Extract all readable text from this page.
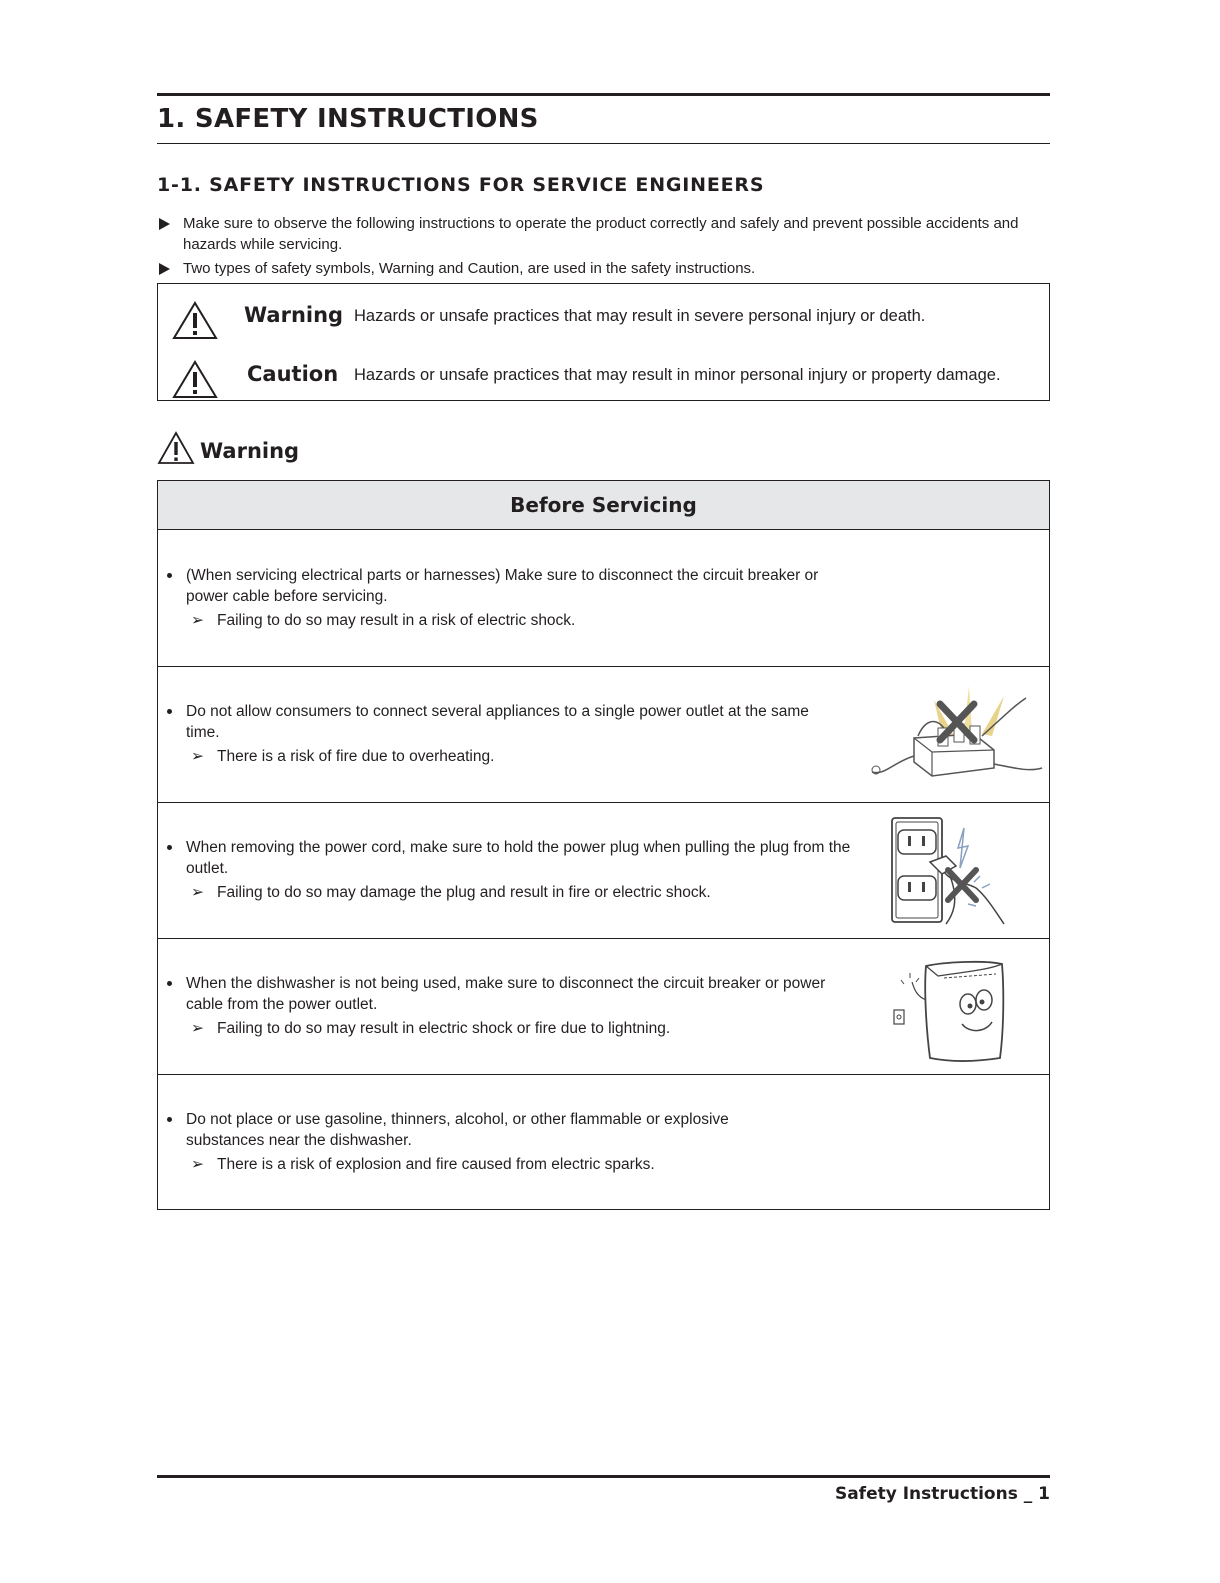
1. SAFETY INSTRUCTIONS
1-1. SAFETY INSTRUCTIONS FOR SERVICE ENGINEERS
Make sure to observe the following instructions to operate the product correctly and safely and prevent possible accidents and hazards while servicing.
Two types of safety symbols, Warning and Caution, are used in the safety instructions.
Warning Hazards or unsafe practices that may result in severe personal injury or death.
Caution Hazards or unsafe practices that may result in minor personal injury or property damage.
Warning
Before Servicing
(When servicing electrical parts or harnesses) Make sure to disconnect the circuit breaker or power cable before servicing.
➢ Failing to do so may result in a risk of electric shock.
Do not allow consumers to connect several appliances to a single power outlet at the same time.
➢ There is a risk of fire due to overheating.
When removing the power cord, make sure to hold the power plug when pulling the plug from the outlet.
➢ Failing to do so may damage the plug and result in fire or electric shock.
When the dishwasher is not being used, make sure to disconnect the circuit breaker or power cable from the power outlet.
➢ Failing to do so may result in electric shock or fire due to lightning.
Do not place or use gasoline, thinners, alcohol, or other flammable or explosive substances near the dishwasher.
➢ There is a risk of explosion and fire caused from electric sparks.
Safety Instructions _ 1
